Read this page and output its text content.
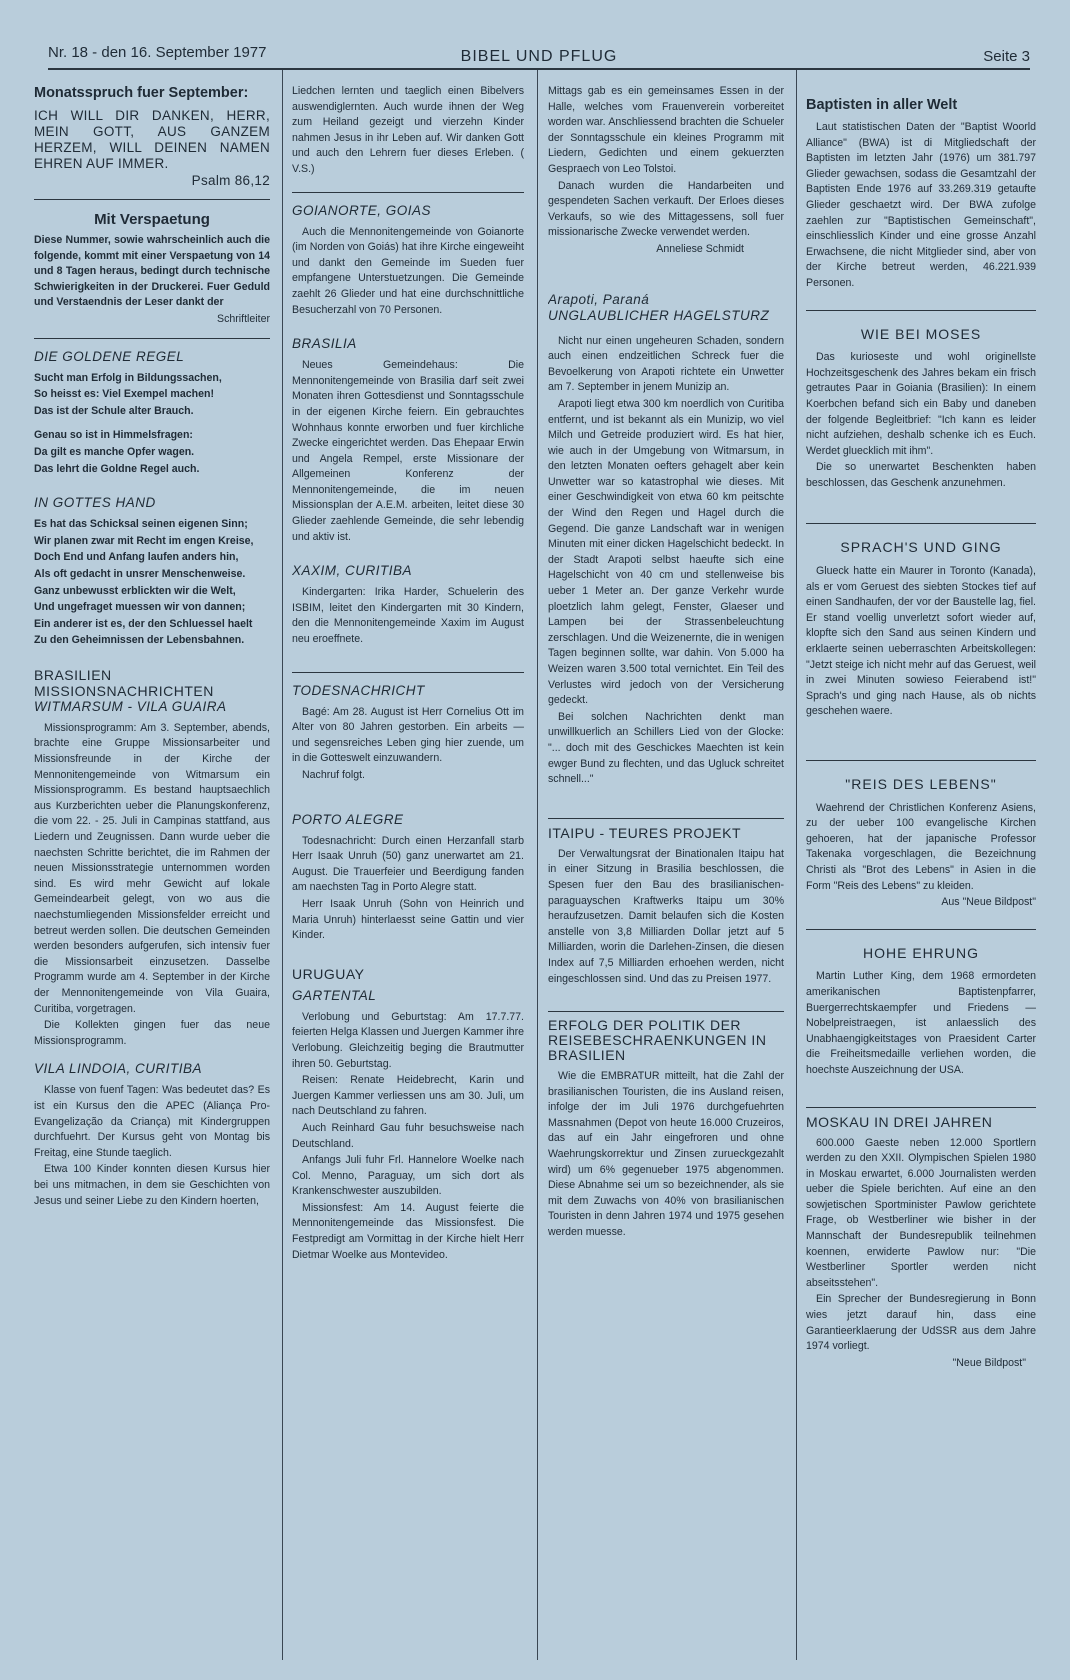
Nr. 18 - den 16. September 1977	BIBEL UND PFLUG	Seite 3
Monatsspruch fuer September:

ICH WILL DIR DANKEN, HERR, MEIN GOTT, AUS GANZEM HERZEM, WILL DEINEN NAMEN EHREN AUF IMMER.

Psalm 86,12

Mit Verspaetung

Diese Nummer, sowie wahrscheinlich auch die folgende, kommt mit einer Verspaetung von 14 und 8 Tagen heraus, bedingt durch technische Schwierigkeiten in der Druckerei. Fuer Geduld und Verstaendnis der Leser dankt der

Schriftleiter

DIE GOLDENE REGEL

Sucht man Erfolg in Bildungssachen,

So heisst es: Viel Exempel machen!

Das ist der Schule alter Brauch.

Genau so ist in Himmelsfragen:

Da gilt es manche Opfer wagen.

Das lehrt die Goldne Regel auch.

IN GOTTES HAND

Es hat das Schicksal seinen eigenen Sinn;

Wir planen zwar mit Recht im engen Kreise,

Doch End und Anfang laufen anders hin,

Als oft gedacht in unsrer Menschenweise.

Ganz unbewusst erblickten wir die Welt,

Und ungefraget muessen wir von dannen;

Ein anderer ist es, der den Schluessel haelt

Zu den Geheimnissen der Lebensbahnen.

BRASILIEN MISSIONSNACHRICHTEN
WITMARSUM - VILA GUAIRA

Missionsprogramm: Am 3. September, abends, brachte eine Gruppe Missionsarbeiter und Missionsfreunde in der Kirche der Mennonitengemeinde von Witmarsum ein Missionsprogramm. Es bestand hauptsaechlich aus Kurzberichten ueber die Planungskonferenz, die vom 22. - 25. Juli in Campinas stattfand, aus Liedern und Zeugnissen. Dann wurde ueber die naechsten Schritte berichtet, die im Rahmen der neuen Missionsstrategie unternommen worden sind. Es wird mehr Gewicht auf lokale Gemeindearbeit gelegt, von wo aus die naechstumliegenden Missionsfelder erreicht und betreut werden sollen. Die deutschen Gemeinden werden besonders aufgerufen, sich intensiv fuer die Missionsarbeit einzusetzen. Dasselbe Programm wurde am 4. September in der Kirche der Mennonitengemeinde von Vila Guaira, Curitiba, vorgetragen.

Die Kollekten gingen fuer das neue Missionsprogramm.

VILA LINDOIA, CURITIBA

Klasse von fuenf Tagen: Was bedeutet das? Es ist ein Kursus den die APEC (Aliança Pro-Evangelização da Criança) mit Kindergruppen durchfuehrt. Der Kursus geht von Montag bis Freitag, eine Stunde taeglich.

Etwa 100 Kinder konnten diesen Kursus hier bei uns mitmachen, in dem sie Geschichten von Jesus und seiner Liebe zu den Kindern hoerten,

Liedchen lernten und taeglich einen Bibelvers auswendiglernten. Auch wurde ihnen der Weg zum Heiland gezeigt und vierzehn Kinder nahmen Jesus in ihr Leben auf. Wir danken Gott und auch den Lehrern fuer dieses Erleben. ( V.S.)

GOIANORTE, GOIAS

Auch die Mennonitengemeinde von Goianorte (im Norden von Goiás) hat ihre Kirche eingeweiht und dankt den Gemeinde im Sueden fuer empfangene Unterstuetzungen. Die Gemeinde zaehlt 26 Glieder und hat eine durchschnittliche Besucherzahl von 70 Personen.

BRASILIA

Neues Gemeindehaus: Die Mennonitengemeinde von Brasilia darf seit zwei Monaten ihren Gottesdienst und Sonntagsschule in der eigenen Kirche feiern. Ein gebrauchtes Wohnhaus konnte erworben und fuer kirchliche Zwecke eingerichtet werden. Das Ehepaar Erwin und Angela Rempel, erste Missionare der Allgemeinen Konferenz der Mennonitengemeinde, die im neuen Missionsplan der A.E.M. arbeiten, leitet diese 30 Glieder zaehlende Gemeinde, die sehr lebendig und aktiv ist.

XAXIM, CURITIBA

Kindergarten: Irika Harder, Schuelerin des ISBIM, leitet den Kindergarten mit 30 Kindern, den die Mennonitengemeinde Xaxim im August neu eroeffnete.

TODESNACHRICHT

Bagé: Am 28. August ist Herr Cornelius Ott im Alter von 80 Jahren gestorben. Ein arbeits — und segensreiches Leben ging hier zuende, um in die Gotteswelt einzuwandern.

Nachruf folgt.

PORTO ALEGRE

Todesnachricht: Durch einen Herzanfall starb Herr Isaak Unruh (50) ganz unerwartet am 21. August. Die Trauerfeier und Beerdigung fanden am naechsten Tag in Porto Alegre statt.

Herr Isaak Unruh (Sohn von Heinrich und Maria Unruh) hinterlaesst seine Gattin und vier Kinder.

URUGUAY
GARTENTAL

Verlobung und Geburtstag: Am 17.7.77. feierten Helga Klassen und Juergen Kammer ihre Verlobung. Gleichzeitig beging die Brautmutter ihren 50. Geburtstag.

Reisen: Renate Heidebrecht, Karin und Juergen Kammer verliessen uns am 30. Juli, um nach Deutschland zu fahren.

Auch Reinhard Gau fuhr besuchsweise nach Deutschland.

Anfangs Juli fuhr Frl. Hannelore Woelke nach Col. Menno, Paraguay, um sich dort als Krankenschwester auszubilden.

Missionsfest: Am 14. August feierte die Mennonitengemeinde das Missionsfest. Die Festpredigt am Vormittag in der Kirche hielt Herr Dietmar Woelke aus Montevideo.

Mittags gab es ein gemeinsames Essen in der Halle, welches vom Frauenverein vorbereitet worden war. Anschliessend brachten die Schueler der Sonntagsschule ein kleines Programm mit Liedern, Gedichten und einem gekuerzten Gespraech von Leo Tolstoi.

Danach wurden die Handarbeiten und gespendeten Sachen verkauft. Der Erloes dieses Verkaufs, so wie des Mittagessens, soll fuer missionarische Zwecke verwendet werden.

Anneliese Schmidt

Arapoti, Paraná
UNGLAUBLICHER HAGELSTURZ

Nicht nur einen ungeheuren Schaden, sondern auch einen endzeitlichen Schreck fuer die Bevoelkerung von Arapoti richtete ein Unwetter am 7. September in jenem Munizip an.

Arapoti liegt etwa 300 km noerdlich von Curitiba entfernt, und ist bekannt als ein Munizip, wo viel Milch und Getreide produziert wird. Es hat hier, wie auch in der Umgebung von Witmarsum, in den letzten Monaten oefters gehagelt aber kein Unwetter war so katastrophal wie dieses. Mit einer Geschwindigkeit von etwa 60 km peitschte der Wind den Regen und Hagel durch die Gegend. Die ganze Landschaft war in wenigen Minuten mit einer dicken Hagelschicht bedeckt. In der Stadt Arapoti selbst haeufte sich eine Hagelschicht von 40 cm und stellenweise bis ueber 1 Meter an. Der ganze Verkehr wurde ploetzlich lahm gelegt, Fenster, Glaeser und Lampen bei der Strassenbeleuchtung zerschlagen. Und die Weizenernte, die in wenigen Tagen beginnen sollte, war dahin. Von 5.000 ha Weizen waren 3.500 total vernichtet. Ein Teil des Verlustes wird jedoch von der Versicherung gedeckt.

Bei solchen Nachrichten denkt man unwillkuerlich an Schillers Lied von der Glocke: "... doch mit des Geschickes Maechten ist kein ewger Bund zu flechten, und das Ugluck schreitet schnell..."

ITAIPU - TEURES PROJEKT

Der Verwaltungsrat der Binationalen Itaipu hat in einer Sitzung in Brasilia beschlossen, die Spesen fuer den Bau des brasilianischen-paraguayschen Kraftwerks Itaipu um 30% heraufzusetzen. Damit belaufen sich die Kosten anstelle von 3,8 Milliarden Dollar jetzt auf 5 Milliarden, worin die Darlehen-Zinsen, die diesen Index auf 7,5 Milliarden erhoehen werden, nicht eingeschlossen sind. Und das zu Preisen 1977.

ERFOLG DER POLITIK DER REISEBESCHRAENKUNGEN IN BRASILIEN

Wie die EMBRATUR mitteilt, hat die Zahl der brasilianischen Touristen, die ins Ausland reisen, infolge der im Juli 1976 durchgefuehrten Massnahmen (Depot von heute 16.000 Cruzeiros, das auf ein Jahr eingefroren und ohne Waehrungskorrektur und Zinsen zurueckgezahlt wird) um 6% gegenueber 1975 abgenommen. Diese Abnahme sei um so bezeichnender, als sie mit dem Zuwachs von 40% von brasilianischen Touristen in denn Jahren 1974 und 1975 gesehen werden muesse.

Baptisten in aller Welt

Laut statistischen Daten der "Baptist Woorld Alliance" (BWA) ist di Mitgliedschaft der Baptisten im letzten Jahr (1976) um 381.797 Glieder gewachsen, sodass die Gesamtzahl der Baptisten Ende 1976 auf 33.269.319 getaufte Glieder geschaetzt wird. Der BWA zufolge zaehlen zur "Baptistischen Gemeinschaft", einschliesslich Kinder und eine grosse Anzahl Erwachsene, die nicht Mitglieder sind, aber von der Kirche betreut werden, 46.221.939 Personen.

WIE BEI MOSES

Das kurioseste und wohl originellste Hochzeitsgeschenk des Jahres bekam ein frisch getrautes Paar in Goiania (Brasilien): In einem Koerbchen befand sich ein Baby und daneben der folgende Begleitbrief: "Ich kann es leider nicht aufziehen, deshalb schenke ich es Euch. Werdet gluecklich mit ihm".

Die so unerwartet Beschenkten haben beschlossen, das Geschenk anzunehmen.

SPRACH'S UND GING

Glueck hatte ein Maurer in Toronto (Kanada), als er vom Geruest des siebten Stockes tief auf einen Sandhaufen, der vor der Baustelle lag, fiel. Er stand voellig unverletzt sofort wieder auf, klopfte sich den Sand aus seinen Kindern und erklaerte seinen ueberraschten Arbeitskollegen: "Jetzt steige ich nicht mehr auf das Geruest, weil in zwei Minuten sowieso Feierabend ist!" Sprach's und ging nach Hause, als ob nichts geschehen waere.

"REIS DES LEBENS"

Waehrend der Christlichen Konferenz Asiens, zu der ueber 100 evangelische Kirchen gehoeren, hat der japanische Professor Takenaka vorgeschlagen, die Bezeichnung Christi als "Brot des Lebens" in Asien in die Form "Reis des Lebens" zu kleiden.

Aus "Neue Bildpost"

HOHE EHRUNG

Martin Luther King, dem 1968 ermordeten amerikanischen Baptistenpfarrer, Buergerrechtskaempfer und Friedens — Nobelpreistraegen, ist anlaesslich des Unabhaengigkeitstages von Praesident Carter die Freiheitsmedaille verliehen worden, die hoechste Auszeichnung der USA.

MOSKAU IN DREI JAHREN

600.000 Gaeste neben 12.000 Sportlern werden zu den XXII. Olympischen Spielen 1980 in Moskau erwartet, 6.000 Journalisten werden ueber die Spiele berichten. Auf eine an den sowjetischen Sportminister Pawlow gerichtete Frage, ob Westberliner wie bisher in der Mannschaft der Bundesrepublik teilnehmen koennen, erwiderte Pawlow nur: "Die Westberliner Sportler werden nicht abseitsstehen".

Ein Sprecher der Bundesregierung in Bonn wies jetzt darauf hin, dass eine Garantieerklaerung der UdSSR aus dem Jahre 1974 vorliegt.

"Neue Bildpost"
